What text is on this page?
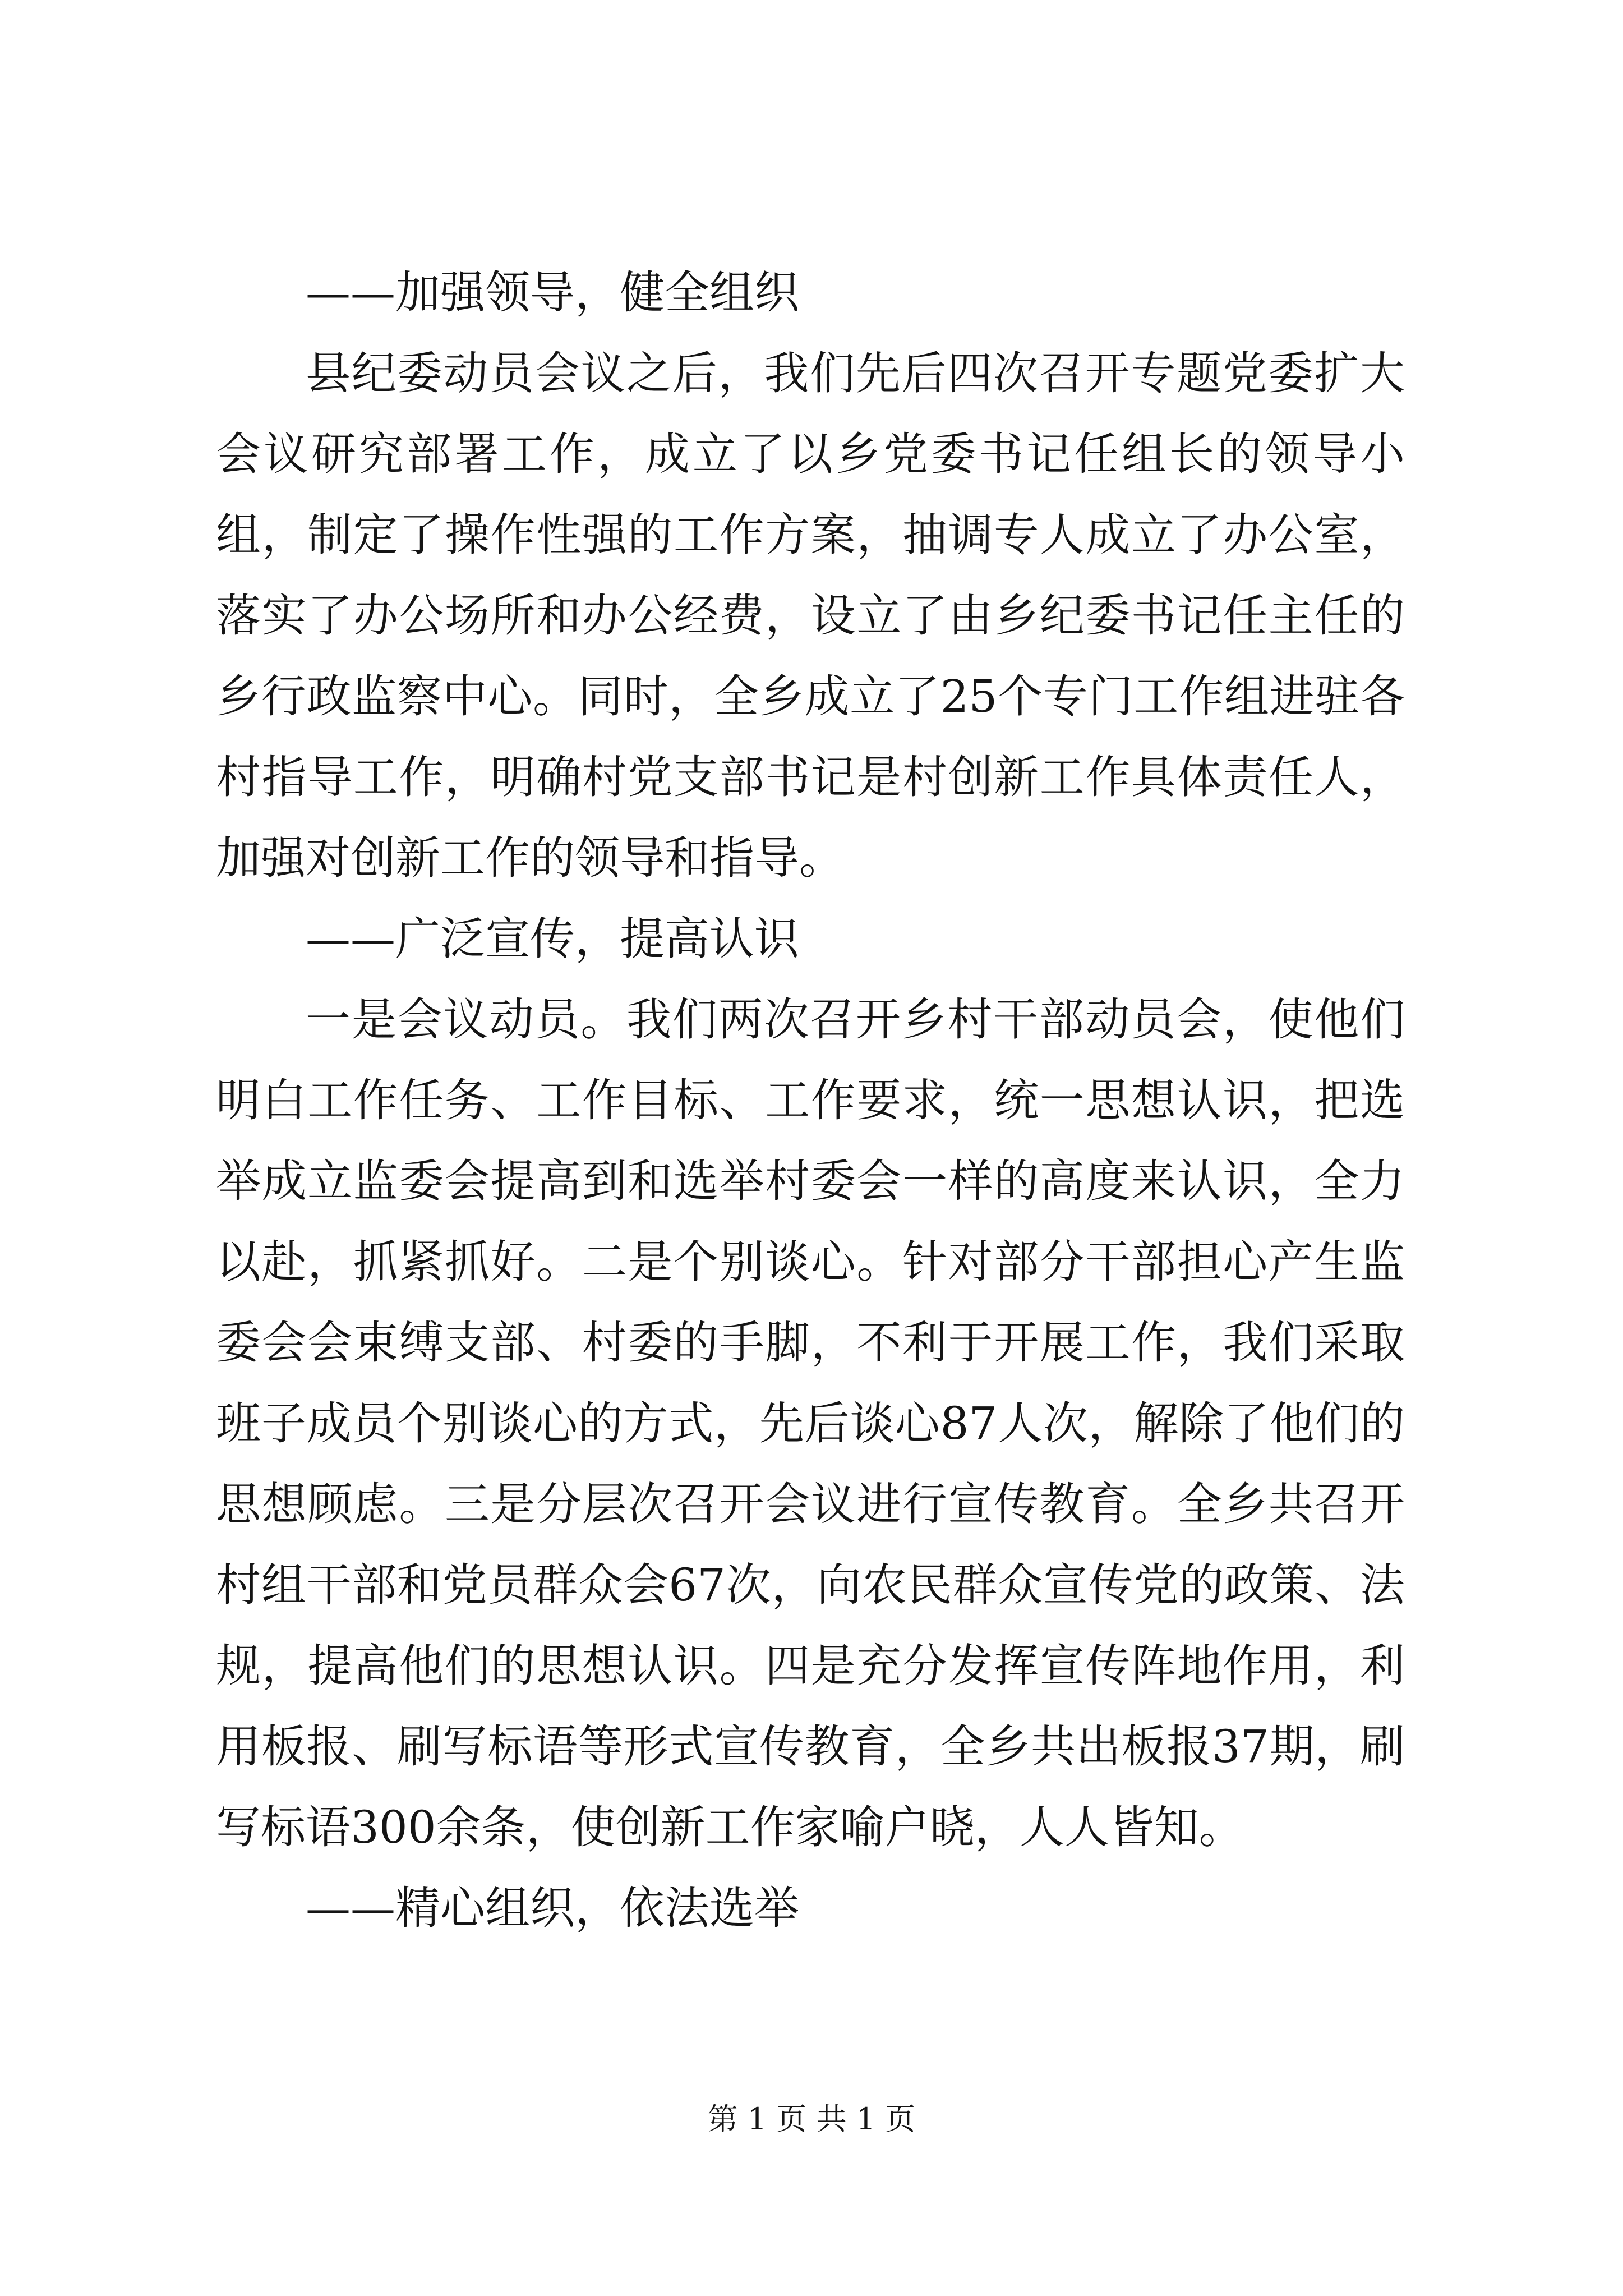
——加强领导，健全组织

县纪委动员会议之后，我们先后四次召开专题党委扩大会议研究部署工作，成立了以乡党委书记任组长的领导小组，制定了操作性强的工作方案，抽调专人成立了办公室，落实了办公场所和办公经费，设立了由乡纪委书记任主任的乡行政监察中心。同时，全乡成立了25个专门工作组进驻各村指导工作，明确村党支部书记是村创新工作具体责任人，加强对创新工作的领导和指导。

——广泛宣传，提高认识

一是会议动员。我们两次召开乡村干部动员会，使他们明白工作任务、工作目标、工作要求，统一思想认识，把选举成立监委会提高到和选举村委会一样的高度来认识，全力以赴，抓紧抓好。二是个别谈心。针对部分干部担心产生监委会会束缚支部、村委的手脚，不利于开展工作，我们采取班子成员个别谈心的方式，先后谈心87人次，解除了他们的思想顾虑。三是分层次召开会议进行宣传教育。全乡共召开村组干部和党员群众会67次，向农民群众宣传党的政策、法规，提高他们的思想认识。四是充分发挥宣传阵地作用，利用板报、刷写标语等形式宣传教育，全乡共出板报37期，刷写标语300余条，使创新工作家喻户晓，人人皆知。

——精心组织，依法选举

第 1 页 共 1 页
